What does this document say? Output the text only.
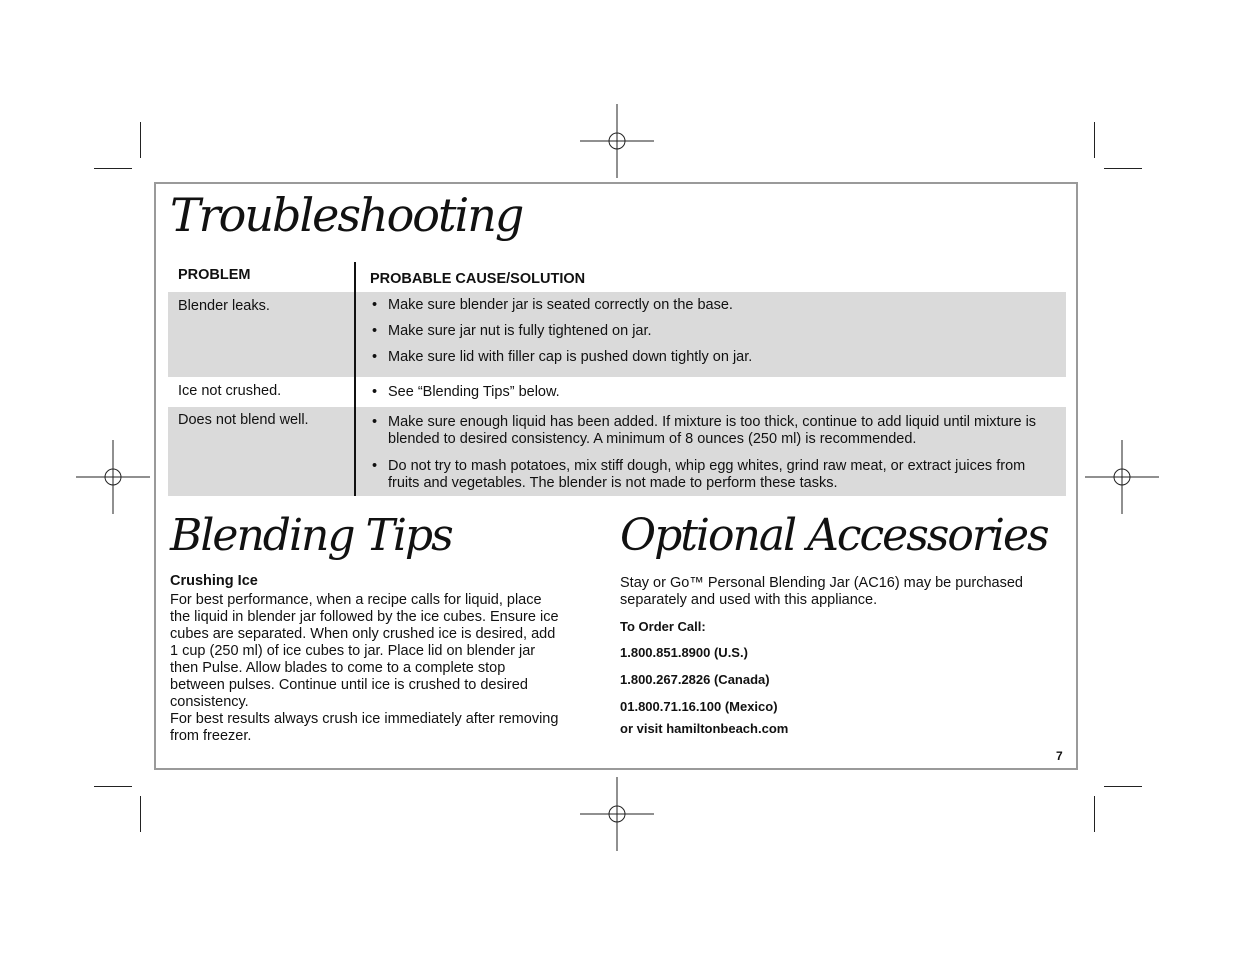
Troubleshooting
PROBLEM	PROBABLE CAUSE/SOLUTION
Blender leaks.	• Make sure blender jar is seated correctly on the base.
• Make sure jar nut is fully tightened on jar.
• Make sure lid with filler cap is pushed down tightly on jar.
Ice not crushed.	• See “Blending Tips” below.
Does not blend well.	• Make sure enough liquid has been added. If mixture is too thick, continue to add liquid until mixture is blended to desired consistency. A minimum of 8 ounces (250 ml) is recommended.
• Do not try to mash potatoes, mix stiff dough, whip egg whites, grind raw meat, or extract juices from fruits and vegetables. The blender is not made to perform these tasks.
Blending Tips
Crushing Ice

For best performance, when a recipe calls for liquid, place the liquid in blender jar followed by the ice cubes. Ensure ice cubes are separated. When only crushed ice is desired, add 1 cup (250 ml) of ice cubes to jar. Place lid on blender jar then Pulse. Allow blades to come to a complete stop between pulses. Continue until ice is crushed to desired consistency.

For best results always crush ice immediately after removing from freezer.

Optional Accessories

Stay or Go™ Personal Blending Jar (AC16) may be purchased separately and used with this appliance.

To Order Call:

1.800.851.8900 (U.S.)

1.800.267.2826 (Canada)

01.800.71.16.100 (Mexico)

or visit hamiltonbeach.com

7
